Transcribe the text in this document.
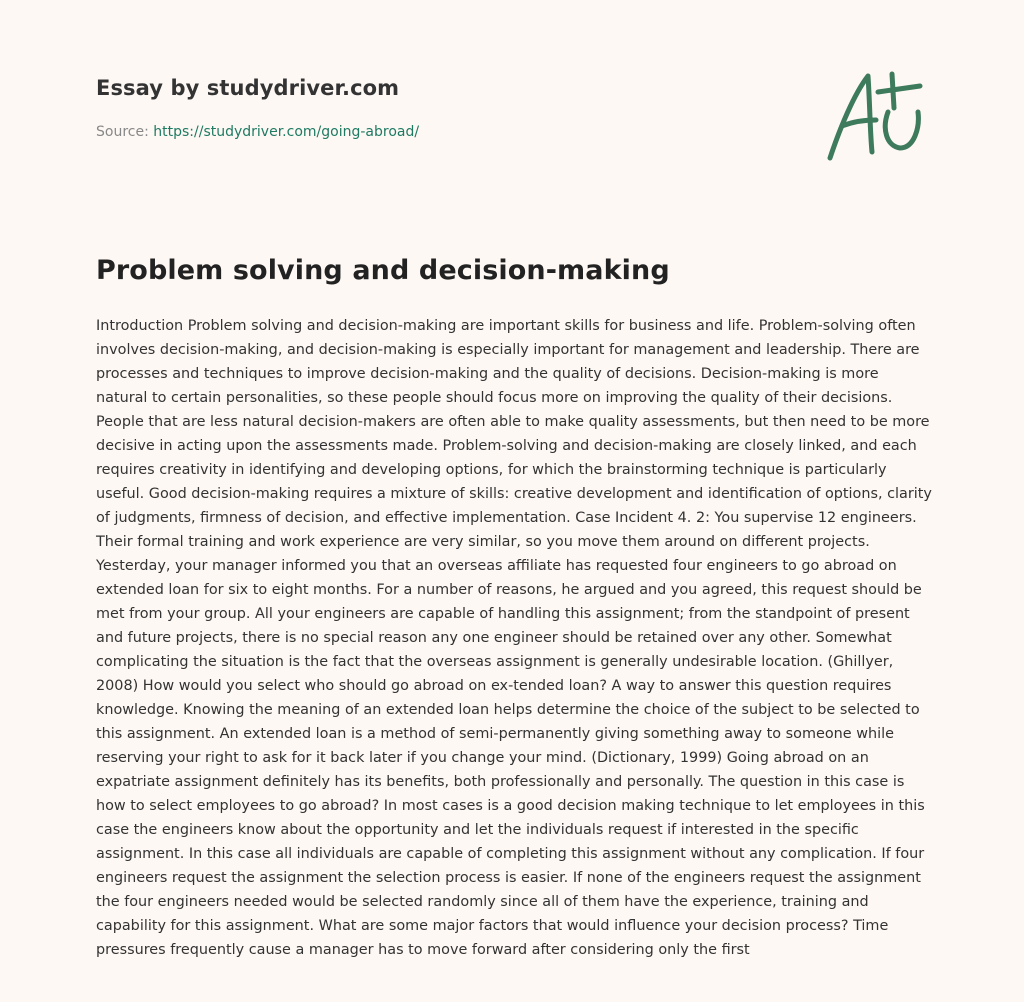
Essay by studydriver.com
Source: https://studydriver.com/going-abroad/
Problem solving and decision-making

Introduction Problem solving and decision-making are important skills for business and life. Problem-solving often involves decision-making, and decision-making is especially important for management and leadership. There are processes and techniques to improve decision-making and the quality of decisions. Decision-making is more natural to certain personalities, so these people should focus more on improving the quality of their decisions. People that are less natural decision-makers are often able to make quality assessments, but then need to be more decisive in acting upon the assessments made. Problem-solving and decision-making are closely linked, and each requires creativity in identifying and developing options, for which the brainstorming technique is particularly useful. Good decision-making requires a mixture of skills: creative development and identification of options, clarity of judgments, firmness of decision, and effective implementation. Case Incident 4. 2: You supervise 12 engineers. Their formal training and work experience are very similar, so you move them around on different projects. Yesterday, your manager informed you that an overseas affiliate has requested four engineers to go abroad on extended loan for six to eight months. For a number of reasons, he argued and you agreed, this request should be met from your group. All your engineers are capable of handling this assignment; from the standpoint of present and future projects, there is no special reason any one engineer should be retained over any other. Somewhat complicating the situation is the fact that the overseas assignment is generally undesirable location. (Ghillyer, 2008) How would you select who should go abroad on ex-tended loan? A way to answer this question requires knowledge. Knowing the meaning of an extended loan helps determine the choice of the subject to be selected to this assignment. An extended loan is a method of semi-permanently giving something away to someone while reserving your right to ask for it back later if you change your mind. (Dictionary, 1999) Going abroad on an expatriate assignment definitely has its benefits, both professionally and personally. The question in this case is how to select employees to go abroad? In most cases is a good decision making technique to let employees in this case the engineers know about the opportunity and let the individuals request if interested in the specific assignment. In this case all individuals are capable of completing this assignment without any complication. If four engineers request the assignment the selection process is easier. If none of the engineers request the assignment the four engineers needed would be selected randomly since all of them have the experience, training and capability for this assignment. What are some major factors that would influence your decision process? Time pressures frequently cause a manager has to move forward after considering only the first
